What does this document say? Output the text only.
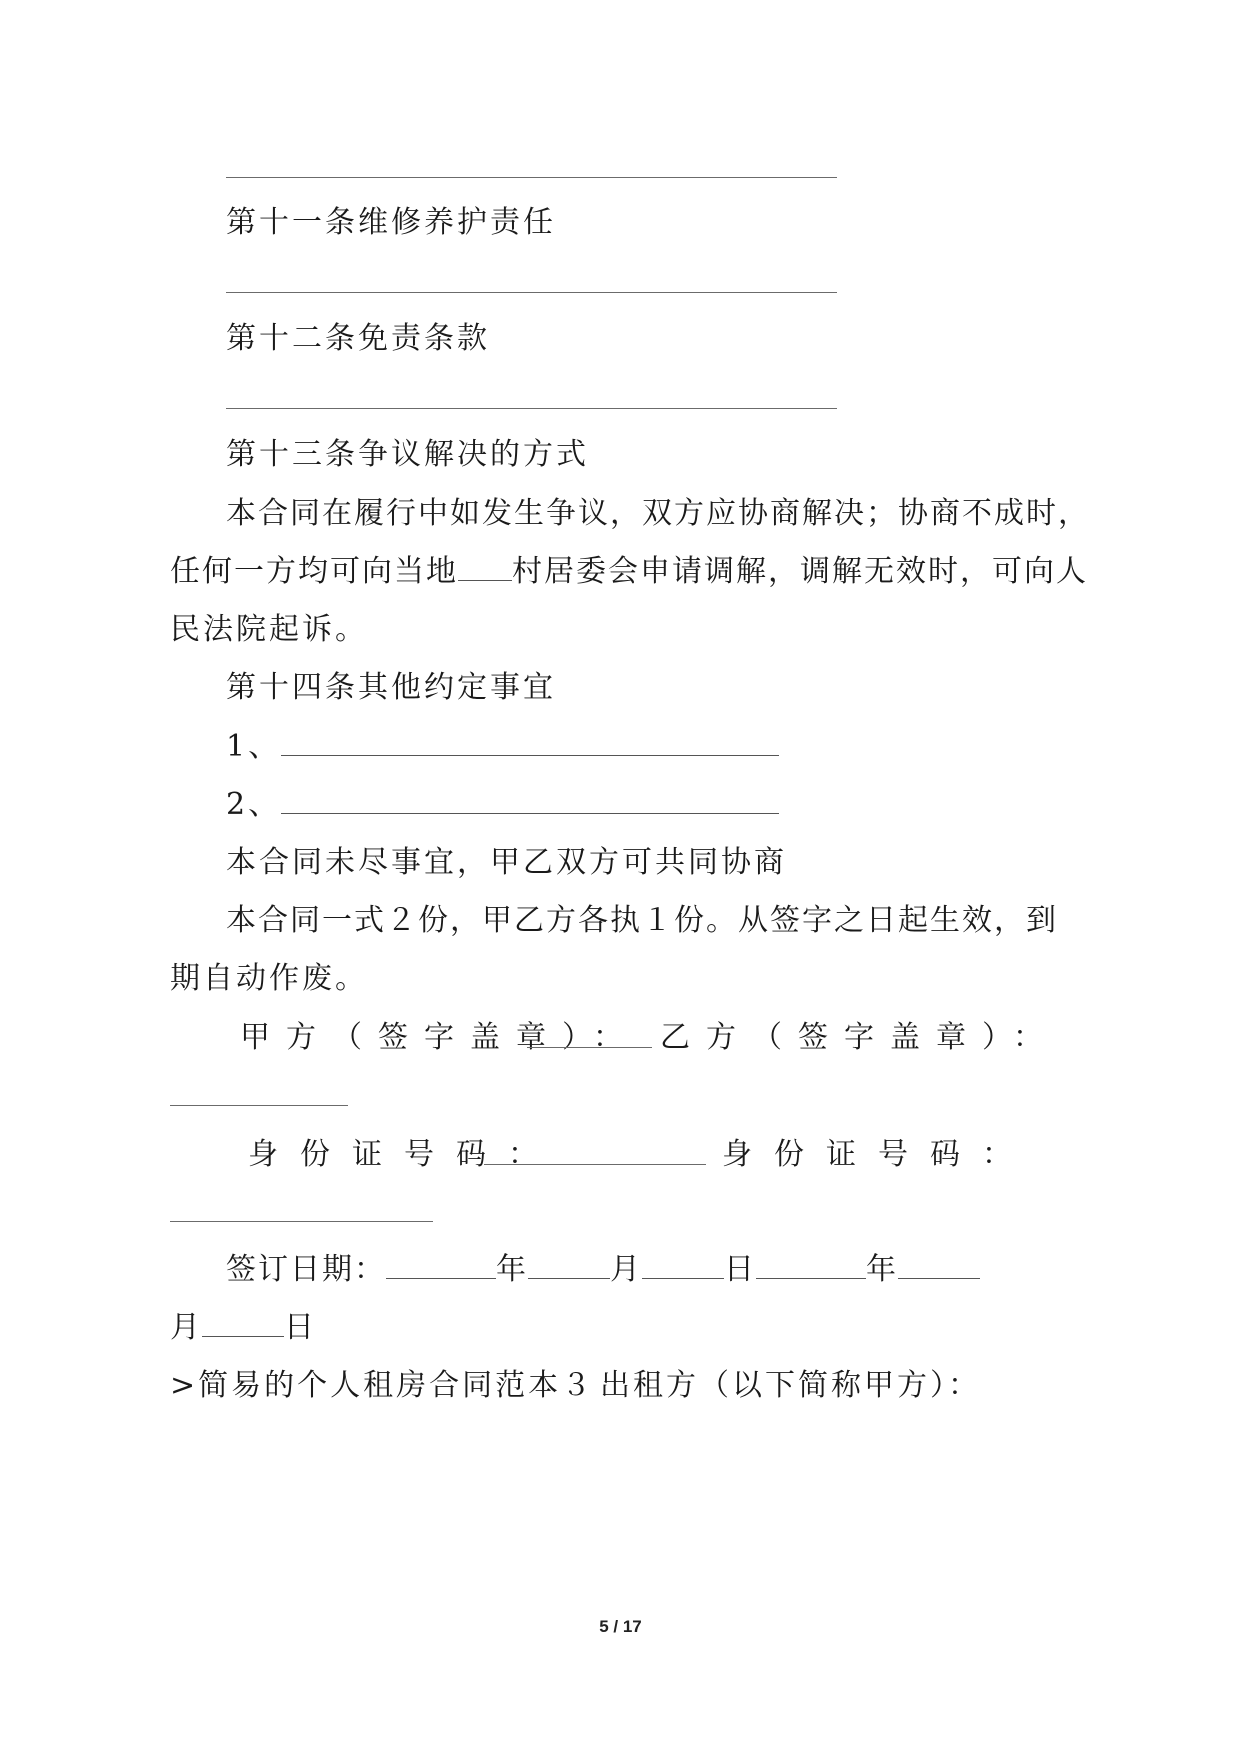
第十一条维修养护责任
第十二条免责条款
第十三条争议解决的方式
本合同在履行中如发生争议，双方应协商解决；协商不成时，
任何一方均可向当地 村居委会申请调解，调解无效时，可向人
民法院起诉。
第十四条其他约定事宜
1、
2、
本合同未尽事宜，甲乙双方可共同协商
本合同一式２份，甲乙方各执１份。从签字之日起生效，到
期自动作废。
甲方（签字盖章）： 乙方（签字盖章）：
身份证号码：	身份证号码：
签订日期：	年	月	日	年
月	日
>简易的个人租房合同范本３ 出租方（以下简称甲方）：
5 / 17
